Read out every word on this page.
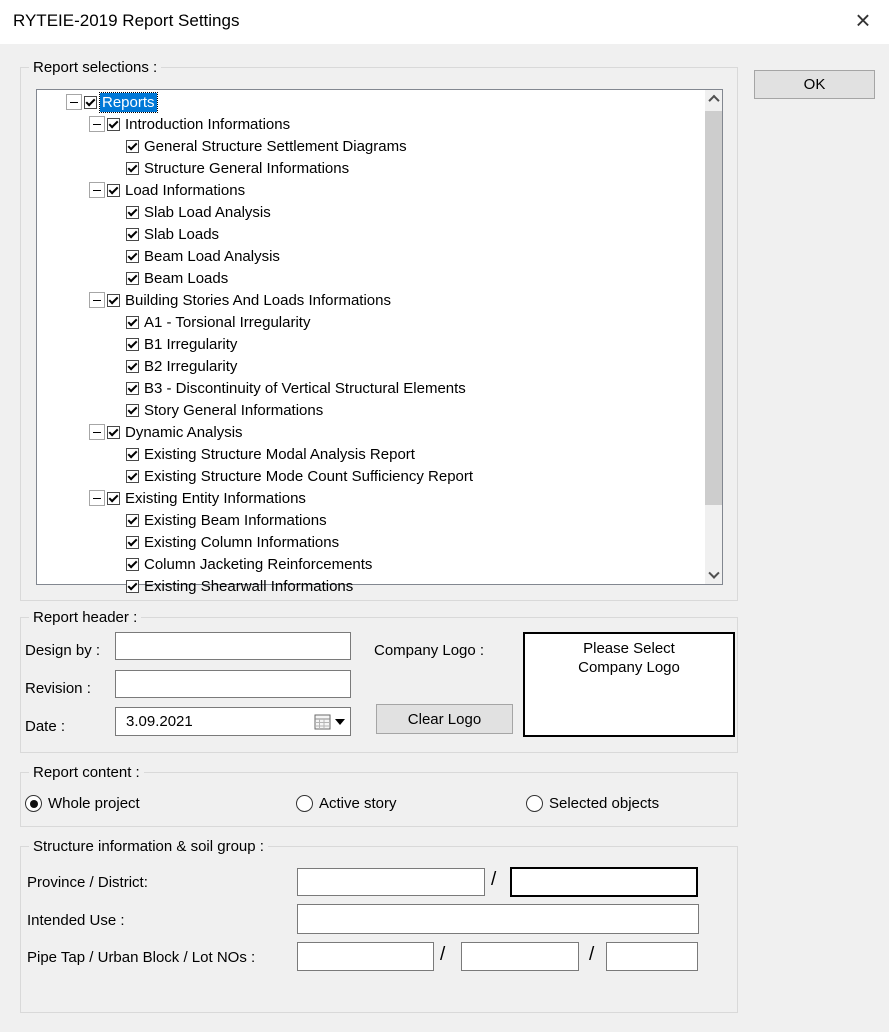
RYTEIE-2019 Report Settings	×
OK
Report selections :
Reports
Introduction Informations
General Structure Settlement Diagrams
Structure General Informations
Load Informations
Slab Load Analysis
Slab Loads
Beam Load Analysis
Beam Loads
Building Stories And Loads Informations
A1 - Torsional Irregularity
B1 Irregularity
B2 Irregularity
B3 - Discontinuity of Vertical Structural Elements
Story General Informations
Dynamic Analysis
Existing Structure Modal Analysis Report
Existing Structure Mode Count Sufficiency Report
Existing Entity Informations
Existing Beam Informations
Existing Column Informations
Column Jacketing Reinforcements
Existing Shearwall Informations
Report header :
Design by :
Revision :
Date :	3.09.2021
Company Logo :
Clear Logo
Please Select
Company Logo
Report content :
Whole project	Active story	Selected objects
Structure information & soil group :
Province / District:	/
Intended Use :
Pipe Tap / Urban Block / Lot NOs :	/	/
